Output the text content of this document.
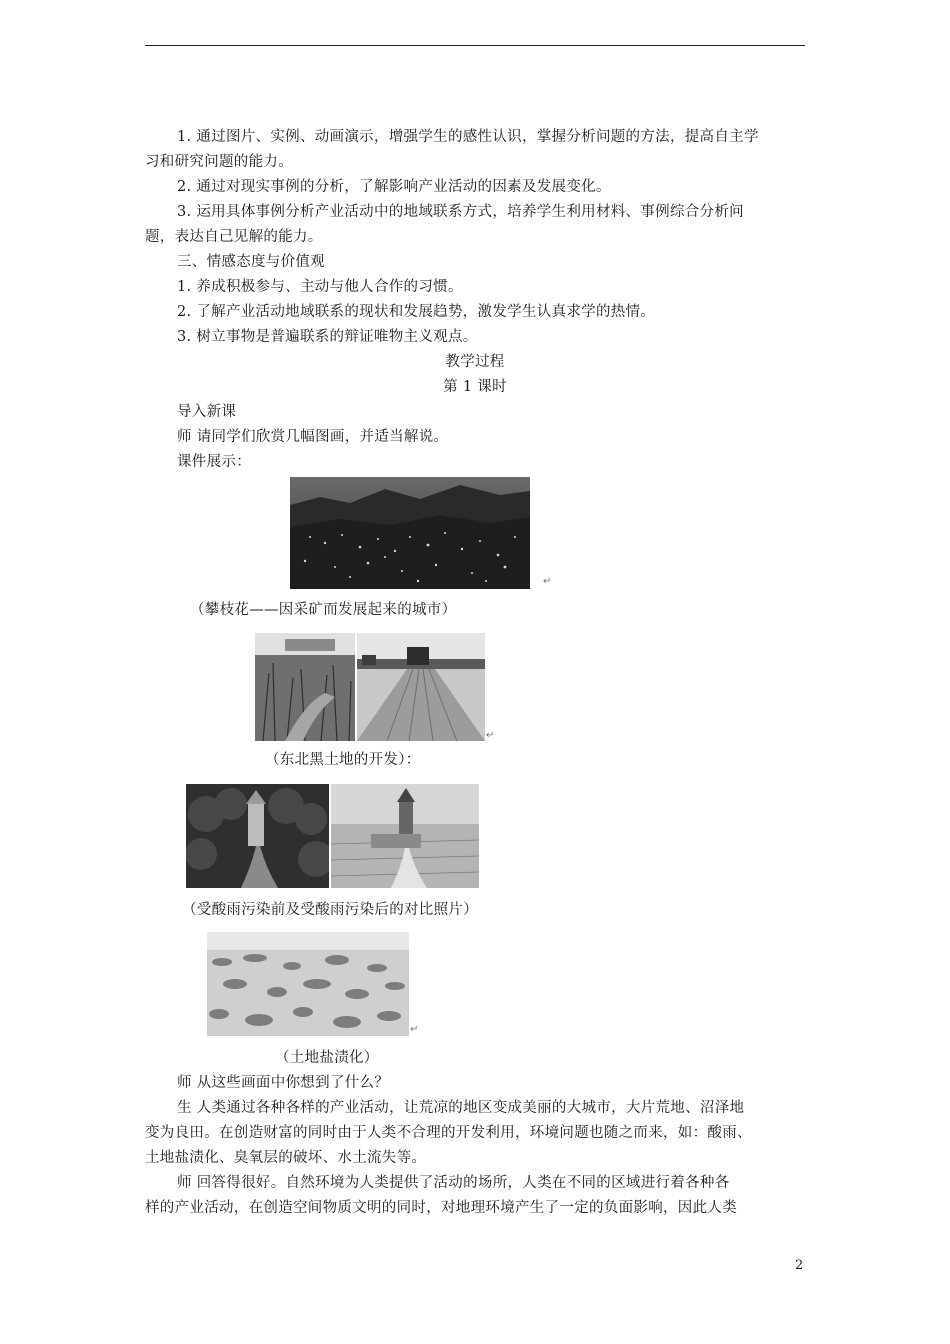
1. 通过图片、实例、动画演示，增强学生的感性认识，掌握分析问题的方法，提高自主学
习和研究问题的能力。
2. 通过对现实事例的分析，了解影响产业活动的因素及发展变化。
3. 运用具体事例分析产业活动中的地域联系方式，培养学生利用材料、事例综合分析问
题，表达自己见解的能力。
三、情感态度与价值观
1. 养成积极参与、主动与他人合作的习惯。
2. 了解产业活动地域联系的现状和发展趋势，激发学生认真求学的热情。
3. 树立事物是普遍联系的辩证唯物主义观点。
教学过程
第 1 课时
导入新课
师 请同学们欣赏几幅图画，并适当解说。
课件展示：
↵
（攀枝花——因采矿而发展起来的城市）
↵
（东北黑土地的开发）：
（受酸雨污染前及受酸雨污染后的对比照片）
↵
（土地盐渍化）
师 从这些画面中你想到了什么？
生 人类通过各种各样的产业活动，让荒凉的地区变成美丽的大城市，大片荒地、沼泽地
变为良田。在创造财富的同时由于人类不合理的开发利用，环境问题也随之而来，如：酸雨、
土地盐渍化、臭氧层的破坏、水土流失等。
师 回答得很好。自然环境为人类提供了活动的场所，人类在不同的区域进行着各种各
样的产业活动，在创造空间物质文明的同时，对地理环境产生了一定的负面影响，因此人类
2
